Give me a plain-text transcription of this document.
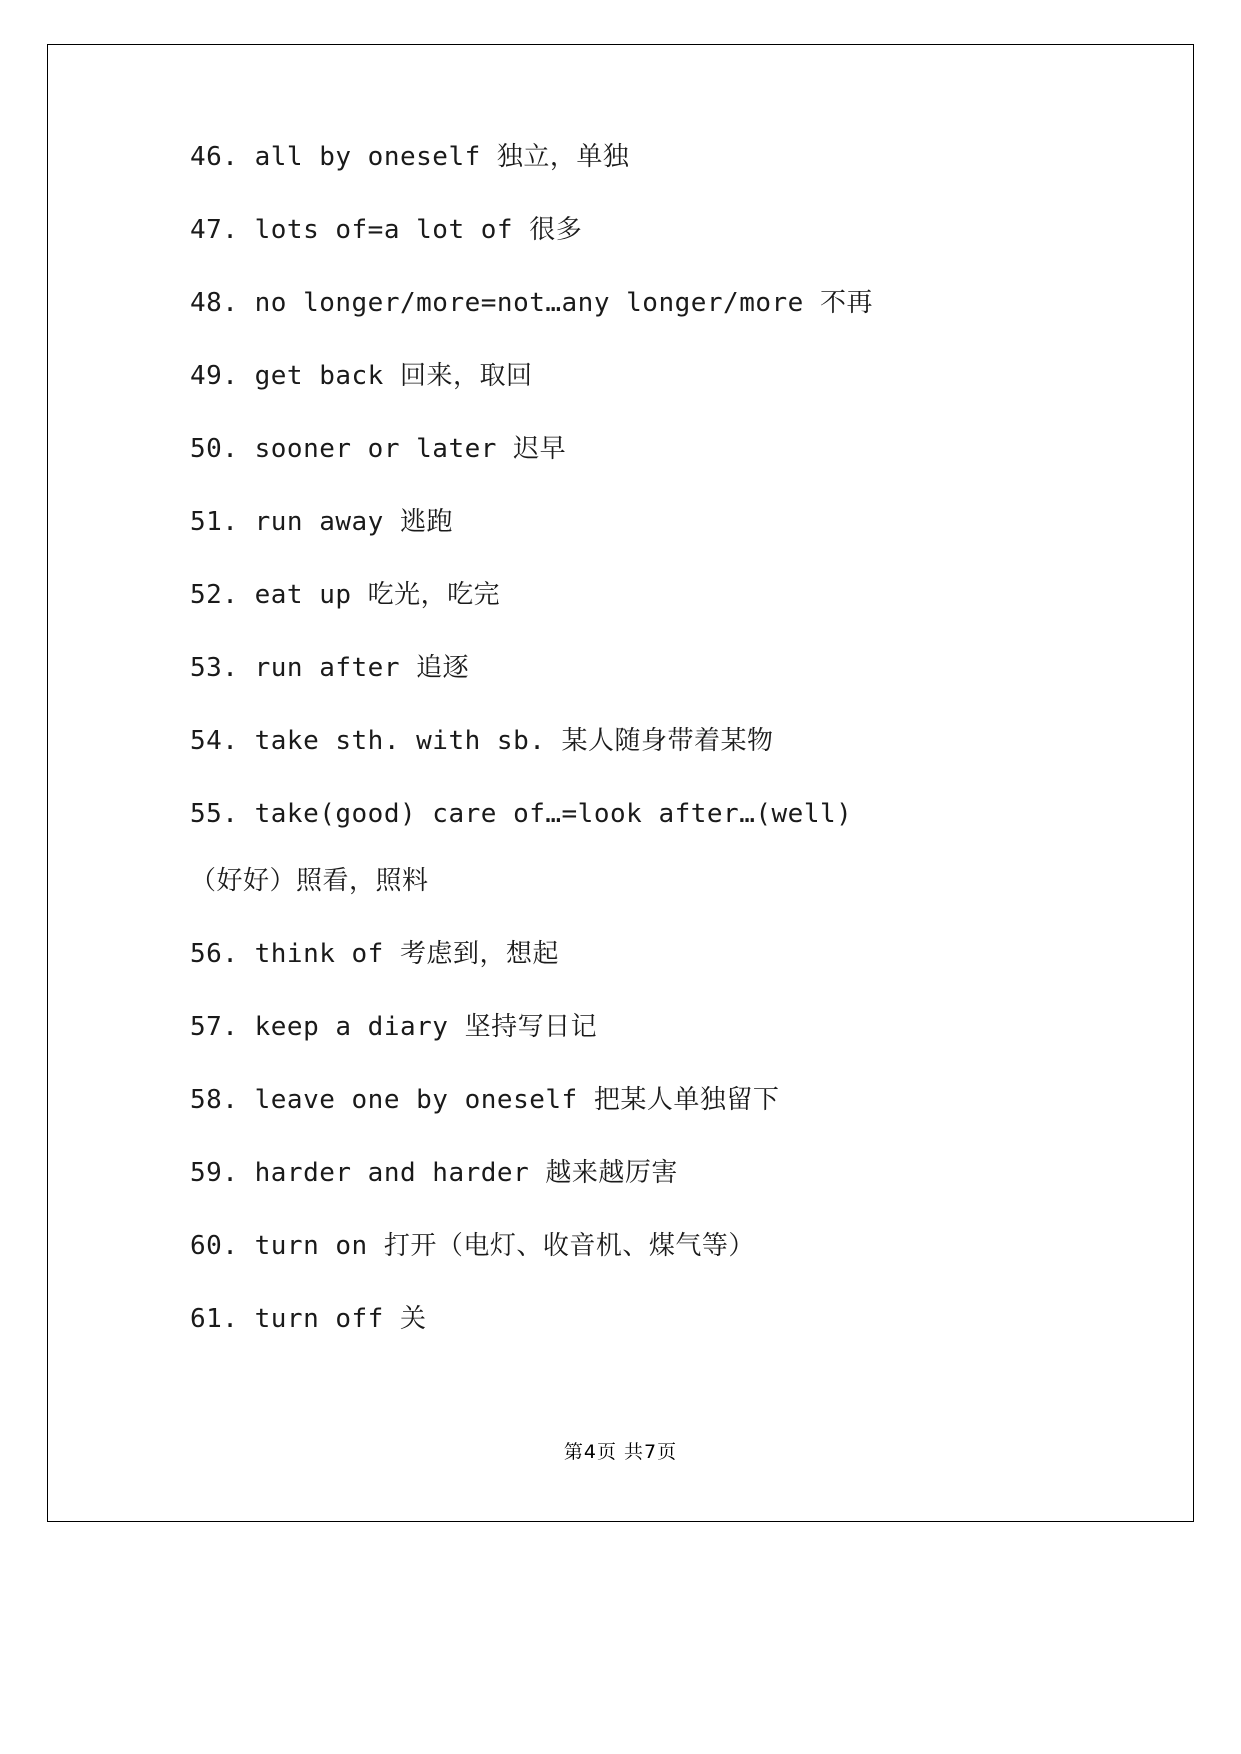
46. all by oneself 独立，单独
47. lots of=a lot of 很多
48. no longer/more=not…any longer/more 不再
49. get back 回来，取回
50. sooner or later 迟早
51. run away 逃跑
52. eat up 吃光，吃完
53. run after 追逐
54. take sth. with sb. 某人随身带着某物
55. take(good) care of…=look after…(well)
（好好）照看，照料
56. think of 考虑到，想起
57. keep a diary 坚持写日记
58. leave one by oneself 把某人单独留下
59. harder and harder 越来越厉害
60. turn on 打开（电灯、收音机、煤气等）
61. turn off 关
第4页 共7页
